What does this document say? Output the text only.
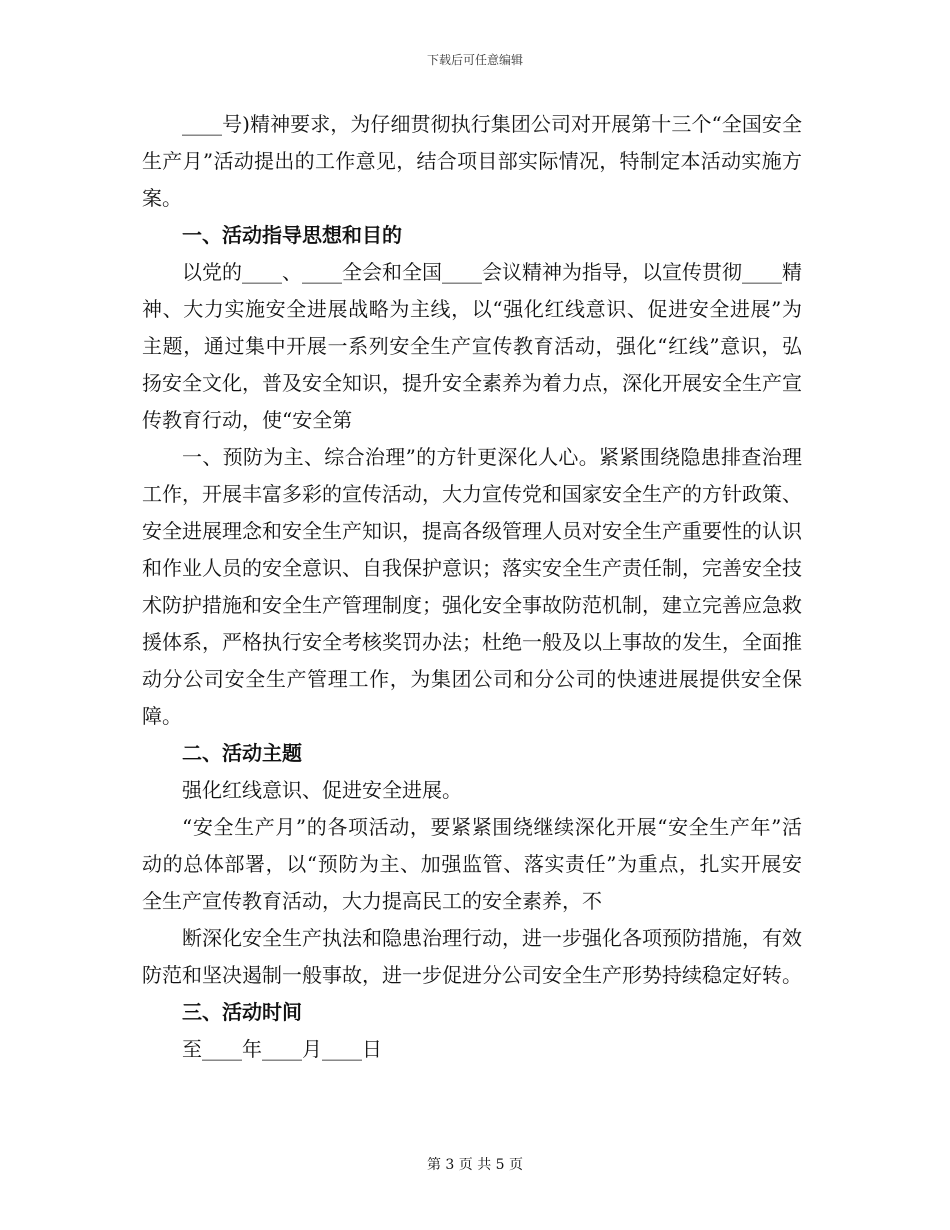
下载后可任意编辑

____号)精神要求，为仔细贯彻执行集团公司对开展第十三个“全国安全生产月”活动提出的工作意见，结合项目部实际情况，特制定本活动实施方案。

一、活动指导思想和目的

以党的____、____全会和全国____会议精神为指导，以宣传贯彻____精神、大力实施安全进展战略为主线，以“强化红线意识、促进安全进展”为主题，通过集中开展一系列安全生产宣传教育活动，强化“红线”意识，弘扬安全文化，普及安全知识，提升安全素养为着力点，深化开展安全生产宣传教育行动，使“安全第

一、预防为主、综合治理”的方针更深化人心。紧紧围绕隐患排查治理工作，开展丰富多彩的宣传活动，大力宣传党和国家安全生产的方针政策、安全进展理念和安全生产知识，提高各级管理人员对安全生产重要性的认识和作业人员的安全意识、自我保护意识；落实安全生产责任制，完善安全技术防护措施和安全生产管理制度；强化安全事故防范机制，建立完善应急救援体系，严格执行安全考核奖罚办法；杜绝一般及以上事故的发生，全面推动分公司安全生产管理工作，为集团公司和分公司的快速进展提供安全保障。

二、活动主题

强化红线意识、促进安全进展。

“安全生产月”的各项活动，要紧紧围绕继续深化开展“安全生产年”活动的总体部署，以“预防为主、加强监管、落实责任”为重点，扎实开展安全生产宣传教育活动，大力提高民工的安全素养，不

断深化安全生产执法和隐患治理行动，进一步强化各项预防措施，有效防范和坚决遏制一般事故，进一步促进分公司安全生产形势持续稳定好转。

三、活动时间

至____年____月____日

第 3 页 共 5 页
